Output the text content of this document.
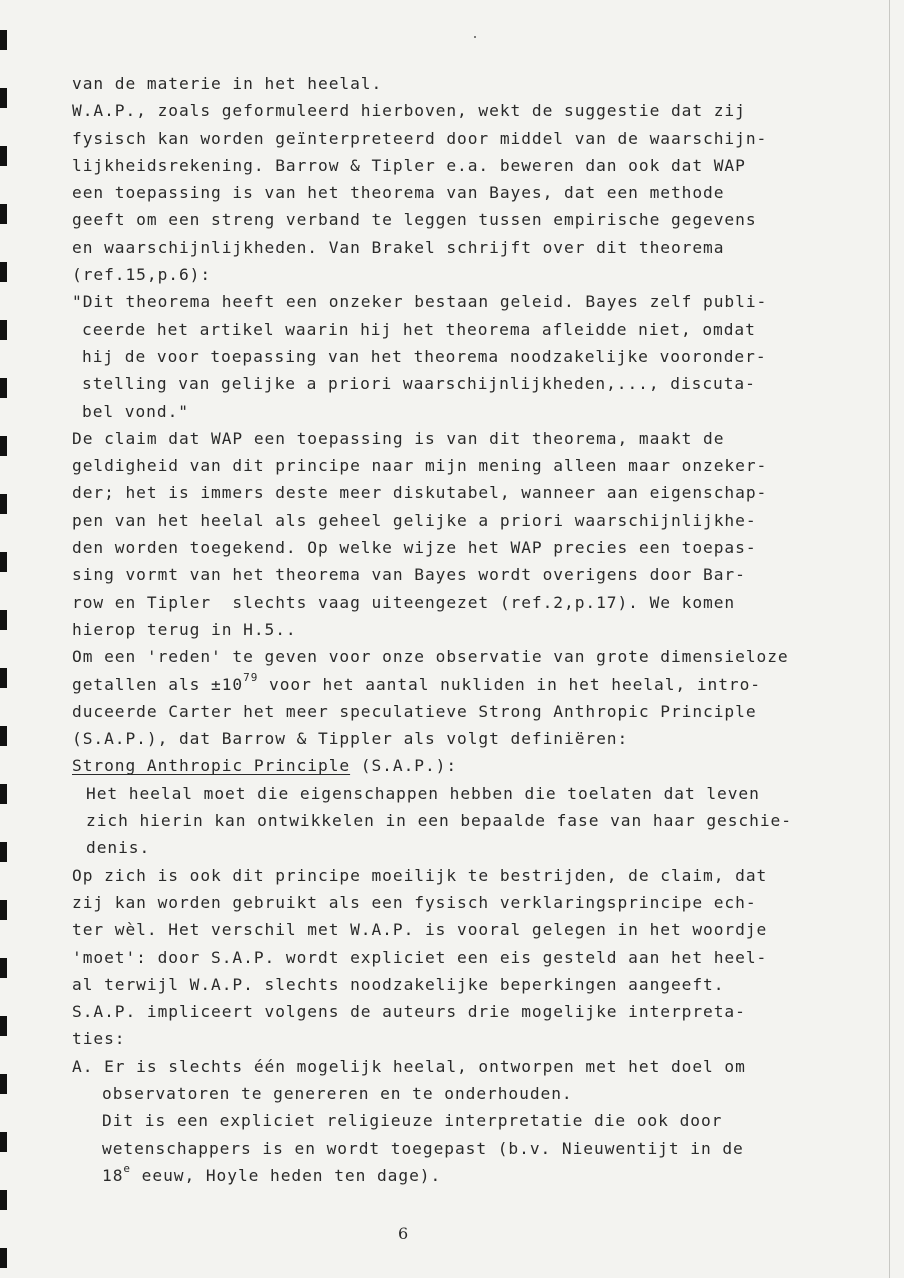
van de materie in het heelal.
W.A.P., zoals geformuleerd hierboven, wekt de suggestie dat zij
fysisch kan worden geïnterpreteerd door middel van de waarschijn-
lijkheidsrekening. Barrow & Tipler e.a. beweren dan ook dat WAP
een toepassing is van het theorema van Bayes, dat een methode
geeft om een streng verband te leggen tussen empirische gegevens
en waarschijnlijkheden. Van Brakel schrijft over dit theorema
(ref.15,p.6):
"Dit theorema heeft een onzeker bestaan geleid. Bayes zelf publi-
ceerde het artikel waarin hij het theorema afleidde niet, omdat
hij de voor toepassing van het theorema noodzakelijke vooronder-
stelling van gelijke a priori waarschijnlijkheden,..., discuta-
bel vond."
De claim dat WAP een toepassing is van dit theorema, maakt de
geldigheid van dit principe naar mijn mening alleen maar onzeker-
der; het is immers deste meer diskutabel, wanneer aan eigenschap-
pen van het heelal als geheel gelijke a priori waarschijnlijkhe-
den worden toegekend. Op welke wijze het WAP precies een toepas-
sing vormt van het theorema van Bayes wordt overigens door Bar-
row en Tipler  slechts vaag uiteengezet (ref.2,p.17). We komen
hierop terug in H.5..
Om een 'reden' te geven voor onze observatie van grote dimensieloze
getallen als $\pm 10^{79}$ voor het aantal nukliden in het heelal, intro-
duceerde Carter het meer speculatieve Strong Anthropic Principle
(S.A.P.), dat Barrow & Tippler als volgt definiëren:
Strong Anthropic Principle (S.A.P.):
Het heelal moet die eigenschappen hebben die toelaten dat leven
zich hierin kan ontwikkelen in een bepaalde fase van haar geschie-
denis.
Op zich is ook dit principe moeilijk te bestrijden, de claim, dat
zij kan worden gebruikt als een fysisch verklaringsprincipe ech-
ter wèl. Het verschil met W.A.P. is vooral gelegen in het woordje
'moet': door S.A.P. wordt expliciet een eis gesteld aan het heel-
al terwijl W.A.P. slechts noodzakelijke beperkingen aangeeft.
S.A.P. impliceert volgens de auteurs drie mogelijke interpreta-
ties:
A. Er is slechts één mogelijk heelal, ontworpen met het doel om
observatoren te genereren en te onderhouden.
Dit is een expliciet religieuze interpretatie die ook door
wetenschappers is en wordt toegepast (b.v. Nieuwentijt in de
18e eeuw, Hoyle heden ten dage).
6
